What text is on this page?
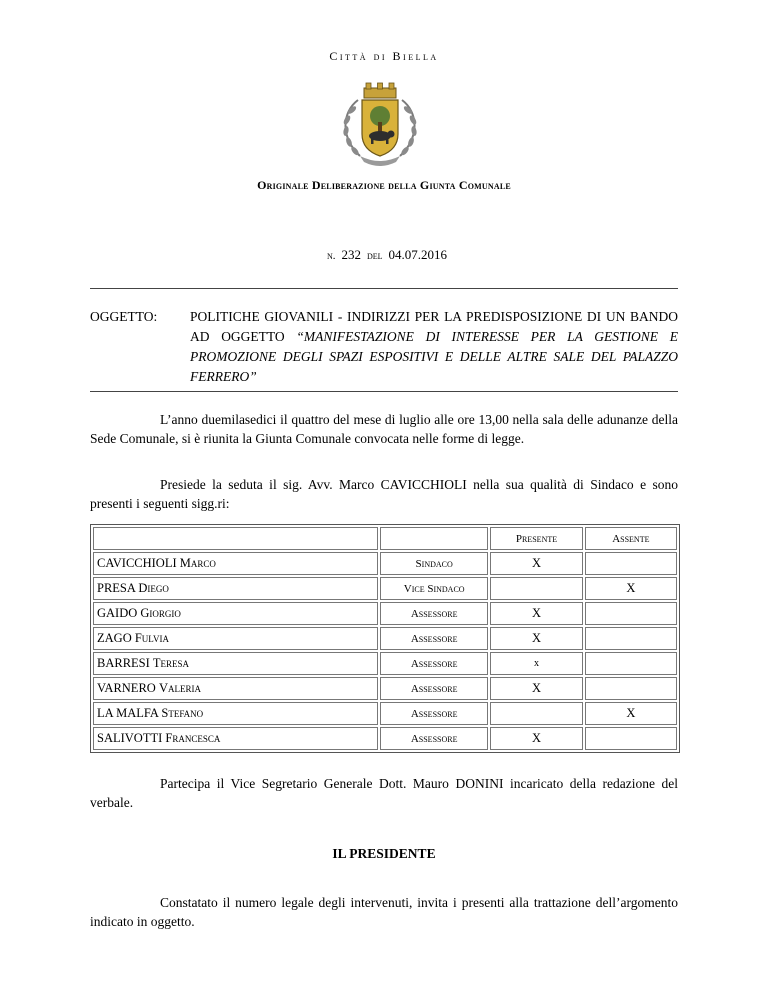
Città di Biella
Originale Deliberazione della Giunta Comunale
n. 232 del 04.07.2016
OGGETTO: POLITICHE GIOVANILI - INDIRIZZI PER LA PREDISPOSIZIONE DI UN BANDO AD OGGETTO “MANIFESTAZIONE DI INTERESSE PER LA GESTIONE E PROMOZIONE DEGLI SPAZI ESPOSITIVI E DELLE ALTRE SALE DEL PALAZZO FERRERO”
L’anno duemilasedici il quattro del mese di luglio alle ore 13,00 nella sala delle adunanze della Sede Comunale, si è riunita la Giunta Comunale convocata nelle forme di legge.
Presiede la seduta il sig. Avv. Marco CAVICCHIOLI nella sua qualità di Sindaco e sono presenti i seguenti sigg.ri:
		Presente	Assente
CAVICCHIOLI Marco	Sindaco	X	
PRESA Diego	Vice Sindaco		X
GAIDO Giorgio	Assessore	X	
ZAGO Fulvia	Assessore	X	
BARRESI Teresa	Assessore	x	
VARNERO Valeria	Assessore	X	
LA MALFA Stefano	Assessore		X
SALIVOTTI Francesca	Assessore	X	
Partecipa il Vice Segretario Generale Dott. Mauro DONINI incaricato della redazione del verbale.
IL PRESIDENTE
Constatato il numero legale degli intervenuti, invita i presenti alla trattazione dell’argomento indicato in oggetto.
